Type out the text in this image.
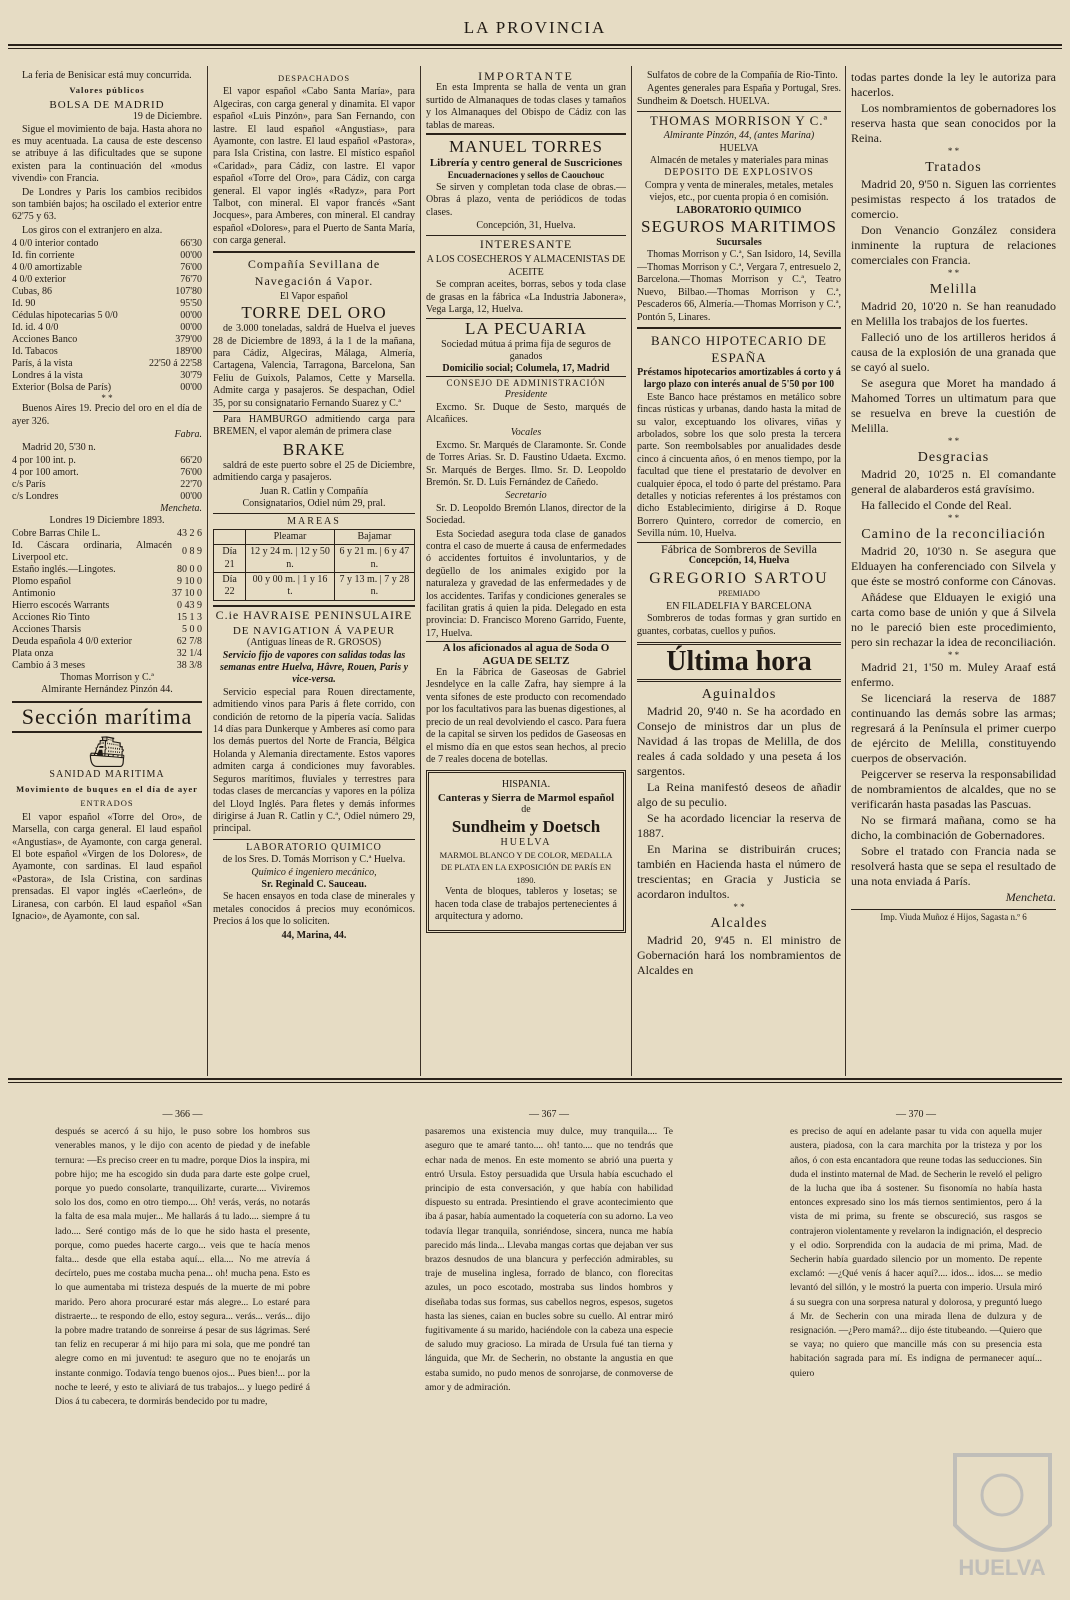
LA PROVINCIA

La feria de Benisicar está muy concurrida.

Valores públicos
BOLSA DE MADRID
19 de Diciembre.

Sigue el movimiento de baja. Hasta ahora no es muy acentuada. La causa de este descenso se atribuye á las dificultades que se supone existen para la continuación del «modus vivendi» con Francia.

De Londres y Paris los cambios recibidos son también bajos; ha oscilado el exterior entre 62'75 y 63.

Los giros con el extranjero en alza.

4 0/0 interior contado	66'30
Id. fin corriente	00'00
4 0/0 amortizable	76'00
4 0/0 exterior	76'70
Cubas, 86	107'80
Id. 90	95'50
Cédulas hipotecarias 5 0/0	00'00
Id. id. 4 0/0	00'00
Acciones Banco	379'00
Id. Tabacos	189'00
París, á la vista	22'50 á 22'58
Londres á la vista	30'79
Exterior (Bolsa de París)	00'00
* *

Buenos Aires 19. Precio del oro en el día de ayer 326.

Fabra.

Madrid 20, 5'30 n.

4 por 100 int. p.	66'20
4 por 100 amort.	76'00
c/s París	22'70
c/s Londres	00'00
Mencheta.
Londres 19 Diciembre 1893.
Cobre Barras Chile L.	43 2 6
Id. Cáscara ordinaria, Almacén Liverpool etc.	0 8 9
Estaño inglés.—Lingotes.	80 0 0
Plomo español	9 10 0
Antimonio	37 10 0
Hierro escocés Warrants	0 43 9
Acciones Rio Tinto	15 1 3
Acciones Tharsis	5 0 0
Deuda española 4 0/0 exterior	62 7/8
Plata onza	32 1/4
Cambio á 3 meses	38 3/8
Thomas Morrison y C.ª
Almirante Hernández Pinzón 44.
Sección marítima
⛴
SANIDAD MARITIMA
Movimiento de buques en el día de ayer
ENTRADOS

El vapor español «Torre del Oro», de Marsella, con carga general. El laud español «Angustias», de Ayamonte, con carga general. El bote español «Virgen de los Dolores», de Ayamonte, con sardinas. El laud español «Pastora», de Isla Cristina, con sardinas prensadas. El vapor inglés «Caerleón», de Liranesa, con carbón. El laud español «San Ignacio», de Ayamonte, con sal.

DESPACHADOS

El vapor español «Cabo Santa María», para Algeciras, con carga general y dinamita. El vapor español «Luis Pinzón», para San Fernando, con lastre. El laud español «Angustias», para Ayamonte, con lastre. El laud español «Pastora», para Isla Cristina, con lastre. El místico español «Caridad», para Cádiz, con lastre. El vapor español «Torre del Oro», para Cádiz, con carga general. El vapor inglés «Radyz», para Port Talbot, con mineral. El vapor francés «Sant Jocques», para Amberes, con mineral. El candray español «Dolores», para el Puerto de Santa María, con carga general.

Compañía Sevillana de Navegación á Vapor.
El Vapor español
TORRE DEL ORO

de 3.000 toneladas, saldrá de Huelva el jueves 28 de Diciembre de 1893, á la 1 de la mañana, para Cádiz, Algeciras, Málaga, Almería, Cartagena, Valencia, Tarragona, Barcelona, San Feliu de Guixols, Palamos, Cette y Marsella. Admite carga y pasajeros. Se despachan, Odiel 35, por su consignatario Fernando Suarez y C.ª

Para HAMBURGO admitiendo carga para BREMEN, el vapor alemán de primera clase

BRAKE

saldrá de este puerto sobre el 25 de Diciembre, admitiendo carga y pasajeros.

Juan R. Catlin y Compañía
Consignatarios, Odiel núm 29, pral.
MAREAS
	Pleamar	Bajamar
Día 21	12 y 24 m. | 12 y 50 n.	6 y 21 m. | 6 y 47 n.
Día 22	00 y 00 m. | 1 y 16 t.	7 y 13 m. | 7 y 28 n.
C.ie HAVRAISE PENINSULAIRE
DE NAVIGATION Á VAPEUR
(Antiguas líneas de R. GROSOS)
Servicio fijo de vapores con salidas todas las semanas entre Huelva, Hâvre, Rouen, Paris y vice-versa.

Servicio especial para Rouen directamente, admitiendo vinos para Paris á flete corrido, con condición de retorno de la pipería vacía. Salidas 14 días para Dunkerque y Amberes así como para los demás puertos del Norte de Francia, Bélgica Holanda y Alemania directamente. Estos vapores admiten carga á condiciones muy favorables. Seguros marítimos, fluviales y terrestres para todas clases de mercancías y vapores en la póliza del Lloyd Inglés. Para fletes y demás informes dirigirse á Juan R. Catlin y C.ª, Odiel número 29, principal.

LABORATORIO QUIMICO
de los Sres. D. Tomás Morrison y C.ª Huelva.
Químico é ingeniero mecánico,
Sr. Reginald C. Sauceau.

Se hacen ensayos en toda clase de minerales y metales conocidos á precios muy económicos. Precios á los que lo soliciten.

44, Marina, 44.
IMPORTANTE

En esta Imprenta se halla de venta un gran surtido de Almanaques de todas clases y tamaños y los Almanaques del Obispo de Cádiz con las tablas de mareas.

MANUEL TORRES
Librería y centro general de Suscriciones
Encuadernaciones y sellos de Caouchouc

Se sirven y completan toda clase de obras.—Obras á plazo, venta de periódicos de todas clases.

Concepción, 31, Huelva.
INTERESANTE
A LOS COSECHEROS Y ALMACENISTAS DE ACEITE

Se compran aceites, borras, sebos y toda clase de grasas en la fábrica «La Industria Jabonera», Vega Larga, 12, Huelva.

LA PECUARIA
Sociedad mútua á prima fija de seguros de ganados
Domicilio social; Columela, 17, Madrid
CONSEJO DE ADMINISTRACIÓN
Presidente

Excmo. Sr. Duque de Sesto, marqués de Alcañices.

Vocales

Excmo. Sr. Marqués de Claramonte. Sr. Conde de Torres Arias. Sr. D. Faustino Udaeta. Excmo. Sr. Marqués de Berges. Ilmo. Sr. D. Leopoldo Bremón. Sr. D. Luis Fernández de Cañedo.

Secretario

Sr. D. Leopoldo Bremón Llanos, director de la Sociedad.

Esta Sociedad asegura toda clase de ganados contra el caso de muerte á causa de enfermedades ó accidentes fortuitos é involuntarios, y de degüello de los animales exigido por la naturaleza y gravedad de las enfermedades y de los accidentes. Tarifas y condiciones generales se facilitan gratis á quien la pida. Delegado en esta provincia: D. Francisco Moreno Garrido, Fuente, 17, Huelva.

A los aficionados al agua de Soda O AGUA DE SELTZ

En la Fábrica de Gaseosas de Gabriel Jesndelyce en la calle Zafra, hay siempre á la venta sifones de este producto con recomendado por los facultativos para las buenas digestiones, al precio de un real devolviendo el casco. Para fuera de la capital se sirven los pedidos de Gaseosas en el mismo día en que estos sean hechos, al precio de 7 reales docena de botellas.

HISPANIA.
Canteras y Sierra de Marmol español
de
Sundheim y Doetsch
HUELVA
MARMOL BLANCO Y DE COLOR, MEDALLA DE PLATA EN LA EXPOSICIÓN DE PARÍS EN 1890.

Venta de bloques, tableros y losetas; se hacen toda clase de trabajos pertenecientes á arquitectura y adorno.

Sulfatos de cobre de la Compañía de Rio-Tinto.

Agentes generales para España y Portugal, Sres. Sundheim & Doetsch. HUELVA.

THOMAS MORRISON Y C.ª
Almirante Pinzón, 44, (antes Marina)
HUELVA
Almacén de metales y materiales para minas
DEPOSITO DE EXPLOSIVOS
Compra y venta de minerales, metales, metales viejos, etc., por cuenta propia ó en comisión.
LABORATORIO QUIMICO
SEGUROS MARITIMOS
Sucursales

Thomas Morrison y C.ª, San Isidoro, 14, Sevilla—Thomas Morrison y C.ª, Vergara 7, entresuelo 2, Barcelona.—Thomas Morrison y C.ª, Teatro Nuevo, Bilbao.—Thomas Morrison y C.ª, Pescaderos 66, Almería.—Thomas Morrison y C.ª, Pontón 5, Linares.

BANCO HIPOTECARIO DE ESPAÑA
Préstamos hipotecarios amortizables á corto y á largo plazo con interés anual de 5'50 por 100

Este Banco hace préstamos en metálico sobre fincas rústicas y urbanas, dando hasta la mitad de su valor, exceptuando los olivares, viñas y arbolados, sobre los que solo presta la tercera parte. Son reembolsables por anualidades desde cinco á cincuenta años, ó en menos tiempo, por la facultad que tiene el prestatario de devolver en cualquier época, el todo ó parte del préstamo. Para detalles y noticias referentes á los préstamos con dicho Establecimiento, dirigirse á D. Roque Borrero Quintero, corredor de comercio, en Sevilla núm. 10, Huelva.

Fábrica de Sombreros de Sevilla
Concepción, 14, Huelva
GREGORIO SARTOU
PREMIADO
EN FILADELFIA Y BARCELONA

Sombreros de todas formas y gran surtido en guantes, corbatas, cuellos y puños.

Última hora
Aguinaldos

Madrid 20, 9'40 n. Se ha acordado en Consejo de ministros dar un plus de Navidad á las tropas de Melilla, de dos reales á cada soldado y una peseta á los sargentos.

La Reina manifestó deseos de añadir algo de su peculio.

Se ha acordado licenciar la reserva de 1887.

En Marina se distribuirán cruces; también en Hacienda hasta el número de trescientas; en Gracia y Justicia se acordaron indultos.

* *
Alcaldes

Madrid 20, 9'45 n. El ministro de Gobernación hará los nombramientos de Alcaldes en

todas partes donde la ley le autoriza para hacerlos.

Los nombramientos de gobernadores los reserva hasta que sean conocidos por la Reina.

* *
Tratados

Madrid 20, 9'50 n. Siguen las corrientes pesimistas respecto á los tratados de comercio.

Don Venancio González considera inminente la ruptura de relaciones comerciales con Francia.

* *
Melilla

Madrid 20, 10'20 n. Se han reanudado en Melilla los trabajos de los fuertes.

Falleció uno de los artilleros heridos á causa de la explosión de una granada que se cayó al suelo.

Se asegura que Moret ha mandado á Mahomed Torres un ultimatum para que se resuelva en breve la cuestión de Melilla.

* *
Desgracias

Madrid 20, 10'25 n. El comandante general de alabarderos está gravísimo.

Ha fallecido el Conde del Real.

* *
Camino de la reconciliación

Madrid 20, 10'30 n. Se asegura que Elduayen ha conferenciado con Silvela y que éste se mostró conforme con Cánovas.

Añádese que Elduayen le exigió una carta como base de unión y que á Silvela no le pareció bien este procedimiento, pero sin rechazar la idea de reconciliación.

* *

Madrid 21, 1'50 m. Muley Araaf está enfermo.

Se licenciará la reserva de 1887 continuando las demás sobre las armas; regresará á la Península el primer cuerpo de ejército de Melilla, constituyendo cuerpos de observación.

Peigcerver se reserva la responsabilidad de nombramientos de alcaldes, que no se verificarán hasta pasadas las Pascuas.

No se firmará mañana, como se ha dicho, la combinación de Gobernadores.

Sobre el tratado con Francia nada se resolverá hasta que se sepa el resultado de una nota enviada á París.

Mencheta.
Imp. Viuda Muñoz é Hijos, Sagasta n.º 6
— 366 —

después se acercó á su hijo, le puso sobre los hombros sus venerables manos, y le dijo con acento de piedad y de inefable ternura: —Es preciso creer en tu madre, porque Dios la inspira, mi pobre hijo; me ha escogido sin duda para darte este golpe cruel, porque yo puedo consolarte, tranquilizarte, curarte.... Viviremos solo los dos, como en otro tiempo.... Oh! verás, verás, no notarás la falta de esa mala mujer... Me hallarás á tu lado.... siempre á tu lado.... Seré contigo más de lo que he sido hasta el presente, porque, como puedes hacerte cargo... veis que te hacía menos falta... desde que ella estaba aquí... ella.... No me atrevía á decírtelo, pues me costaba mucha pena... oh! mucha pena. Esto es lo que aumentaba mi tristeza después de la muerte de mi pobre marido. Pero ahora procuraré estar más alegre... Lo estaré para distraerte... te respondo de ello, estoy segura... verás... verás... dijo la pobre madre tratando de sonreirse á pesar de sus lágrimas. Seré tan feliz en recuperar á mi hijo para mi sola, que me pondré tan alegre como en mi juventud: te aseguro que no te enojarás un instante conmigo. Todavía tengo buenos ojos... Pues bien!... por la noche te leeré, y esto te aliviará de tus trabajos... y luego pediré á Dios á tu cabecera, te dormirás bendecido por tu madre,

— 367 —

pasaremos una existencia muy dulce, muy tranquila.... Te aseguro que te amaré tanto.... oh! tanto.... que no tendrás que echar nada de menos. En este momento se abrió una puerta y entró Ursula. Estoy persuadida que Ursula había escuchado el principio de esta conversación, y que había con habilidad dispuesto su entrada. Presintiendo el grave acontecimiento que iba á pasar, había aumentado la coquetería con su adorno. La veo todavía llegar tranquila, sonriéndose, sincera, nunca me había parecido más linda... Llevaba mangas cortas que dejaban ver sus brazos desnudos de una blancura y perfección admirables, su traje de muselina inglesa, forrado de blanco, con florecitas azules, un poco escotado, mostraba sus lindos hombros y diseñaba todas sus formas, sus cabellos negros, espesos, sugetos hasta las sienes, caian en bucles sobre su cuello. Al entrar miró fugitivamente á su marido, haciéndole con la cabeza una especie de saludo muy gracioso. La mirada de Ursula fué tan tierna y lánguida, que Mr. de Secherin, no obstante la angustia en que estaba sumido, no pudo menos de sonrojarse, de conmoverse de amor y de admiración.

— 370 —

es preciso de aquí en adelante pasar tu vida con aquella mujer austera, piadosa, con la cara marchita por la tristeza y por los años, ó con esta encantadora que reune todas las seducciones. Sin duda el instinto maternal de Mad. de Secherin le reveló el peligro de la lucha que iba á sostener. Su fisonomía no había hasta entonces expresado sino los más tiernos sentimientos, pero á la vista de mi prima, su frente se obscureció, sus rasgos se contrajeron violentamente y revelaron la indignación, el desprecio y el odio. Sorprendida con la audacia de mi prima, Mad. de Secherin había guardado silencio por un momento. De repente exclamó: —¿Qué venís á hacer aquí?.... idos... idos.... se medio levantó del sillón, y le mostró la puerta con imperio. Ursula miró á su suegra con una sorpresa natural y dolorosa, y preguntó luego á Mr. de Secherin con una mirada llena de dulzura y de resignación. —¿Pero mamá?... dijo éste titubeando. —Quiero que se vaya; no quiero que mancille más con su presencia esta habitación sagrada para mí. Es indigna de permanecer aquí... quiero

HUELVA
